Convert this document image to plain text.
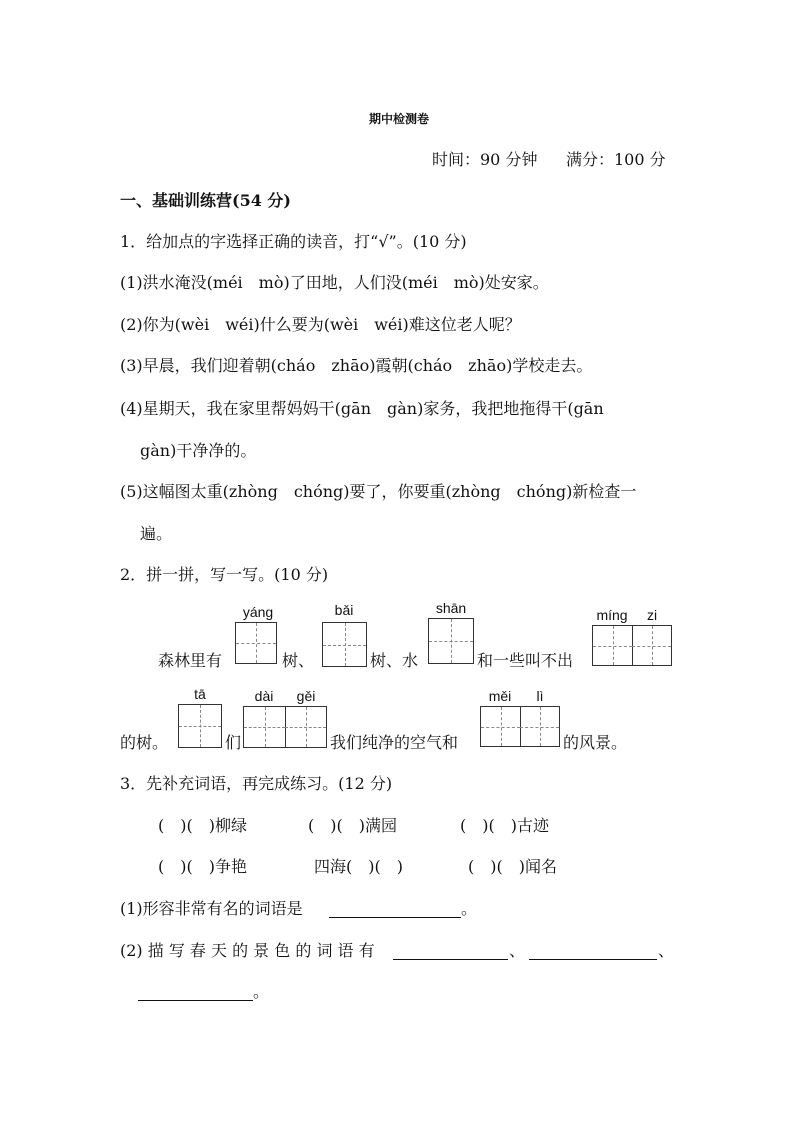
期中检测卷
时间：90 分钟 满分：100 分
一、基础训练营(54 分)
1．给加点的字选择正确的读音，打“√”。(10 分)
(1)洪水淹没(méi　mò)了田地，人们没(méi　mò)处安家。
(2)你为(wèi　wéi)什么要为(wèi　wéi)难这位老人呢？
(3)早晨，我们迎着朝(cháo　zhāo)霞朝(cháo　zhāo)学校走去。
(4)星期天，我在家里帮妈妈干(gān　gàn)家务，我把地拖得干(gān
gàn)干净净的。
(5)这幅图太重(zhòng　chóng)要了，你要重(zhòng　chóng)新检查一
遍。
2．拼一拼，写一写。(10 分)
森林里有
yáng
树、
bǎi
树、水
shān
和一些叫不出
míng	zi
的树。
tā
们
dài	gěi
我们纯净的空气和
měi	lì
的风景。
3．先补充词语，再完成练习。(12 分)
(　)(　)柳绿	(　)(　)满园	(　)(　)古迹
(　)(　)争艳	四海(　)(　)	(　)(　)闻名
(1)形容非常有名的词语是	。
(2) 描 写 春 天 的 景 色 的 词 语 有	、	、
。
